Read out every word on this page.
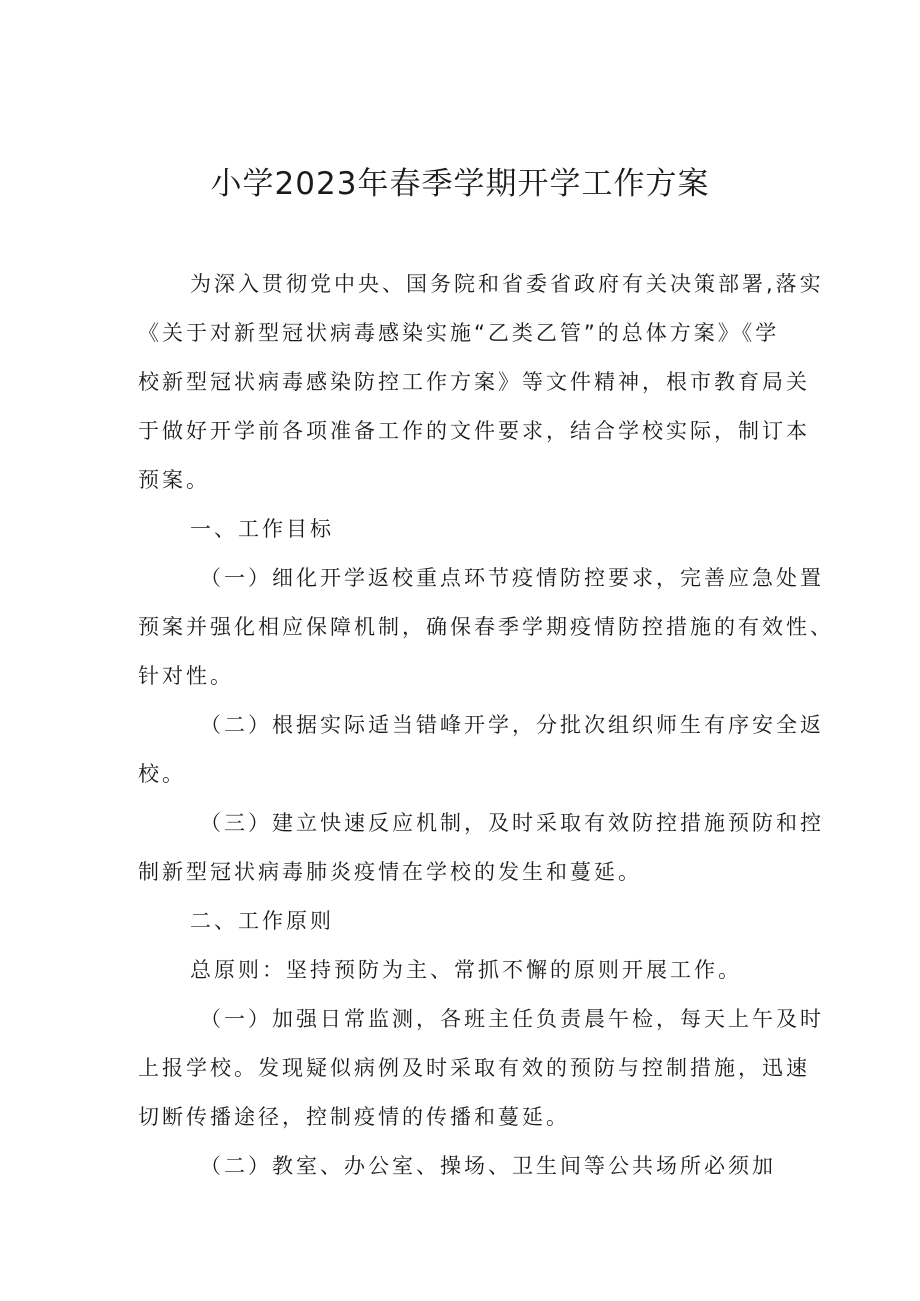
小学2023年春季学期开学工作方案

为深入贯彻党中央、国务院和省委省政府有关决策部署,落实
《关于对新型冠状病毒感染实施“乙类乙管”的总体方案》《学
校新型冠状病毒感染防控工作方案》等文件精神，根市教育局关
于做好开学前各项准备工作的文件要求，结合学校实际，制订本
预案。

一、工作目标

（一）细化开学返校重点环节疫情防控要求，完善应急处置
预案并强化相应保障机制，确保春季学期疫情防控措施的有效性、
针对性。

（二）根据实际适当错峰开学，分批次组织师生有序安全返
校。

（三）建立快速反应机制，及时采取有效防控措施预防和控
制新型冠状病毒肺炎疫情在学校的发生和蔓延。

二、工作原则

总原则：坚持预防为主、常抓不懈的原则开展工作。

（一）加强日常监测，各班主任负责晨午检，每天上午及时
上报学校。发现疑似病例及时采取有效的预防与控制措施，迅速
切断传播途径，控制疫情的传播和蔓延。

（二）教室、办公室、操场、卫生间等公共场所必须加
